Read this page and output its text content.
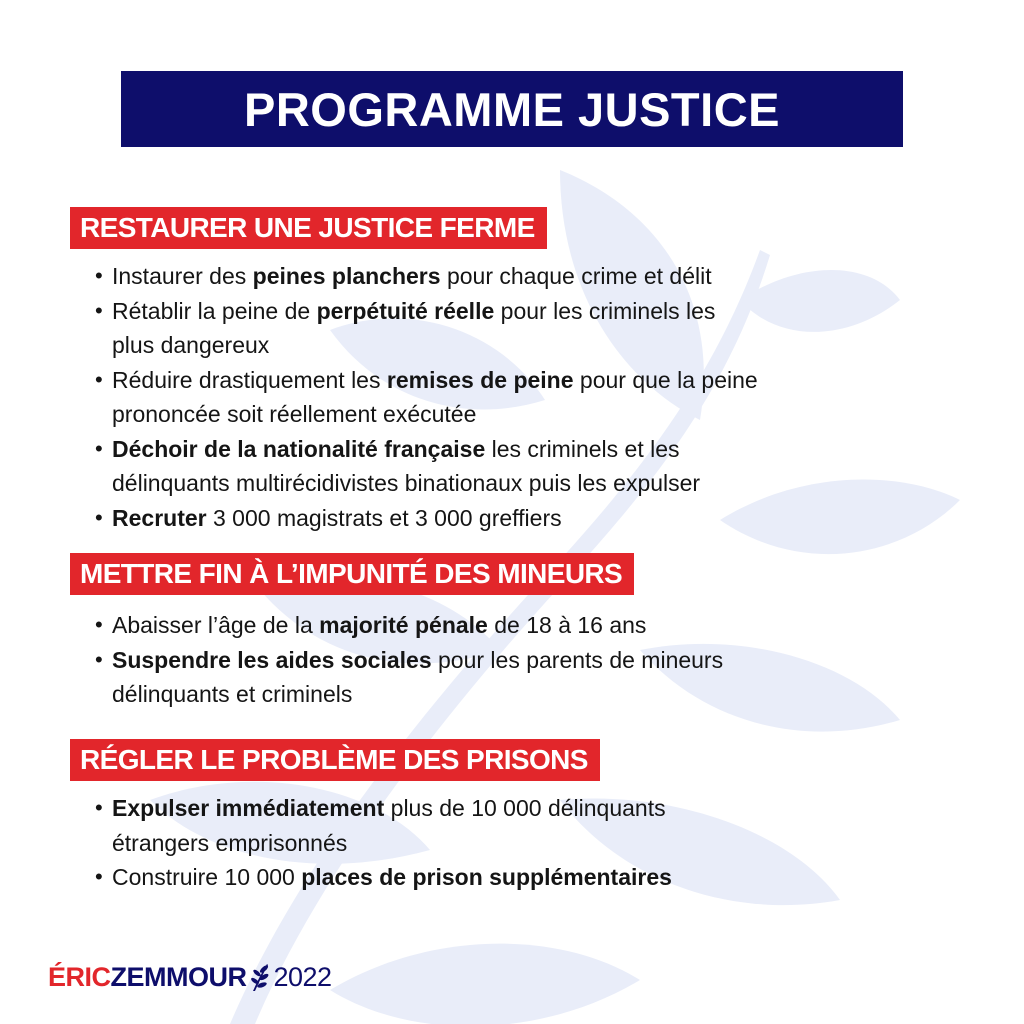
PROGRAMME JUSTICE
RESTAURER UNE JUSTICE FERME
• Instaurer des peines planchers pour chaque crime et délit
• Rétablir la peine de perpétuité réelle pour les criminels les
plus dangereux
• Réduire drastiquement les remises de peine pour que la peine
prononcée soit réellement exécutée
• Déchoir de la nationalité française les criminels et les
délinquants multirécidivistes binationaux puis les expulser
• Recruter 3 000 magistrats et 3 000 greffiers
METTRE FIN À L’IMPUNITÉ DES MINEURS
• Abaisser l’âge de la majorité pénale de 18 à 16 ans
• Suspendre les aides sociales pour les parents de mineurs
délinquants et criminels
RÉGLER LE PROBLÈME DES PRISONS
• Expulser immédiatement plus de 10 000 délinquants
étrangers emprisonnés
• Construire 10 000 places de prison supplémentaires
ÉRIC ZEMMOUR 2022
